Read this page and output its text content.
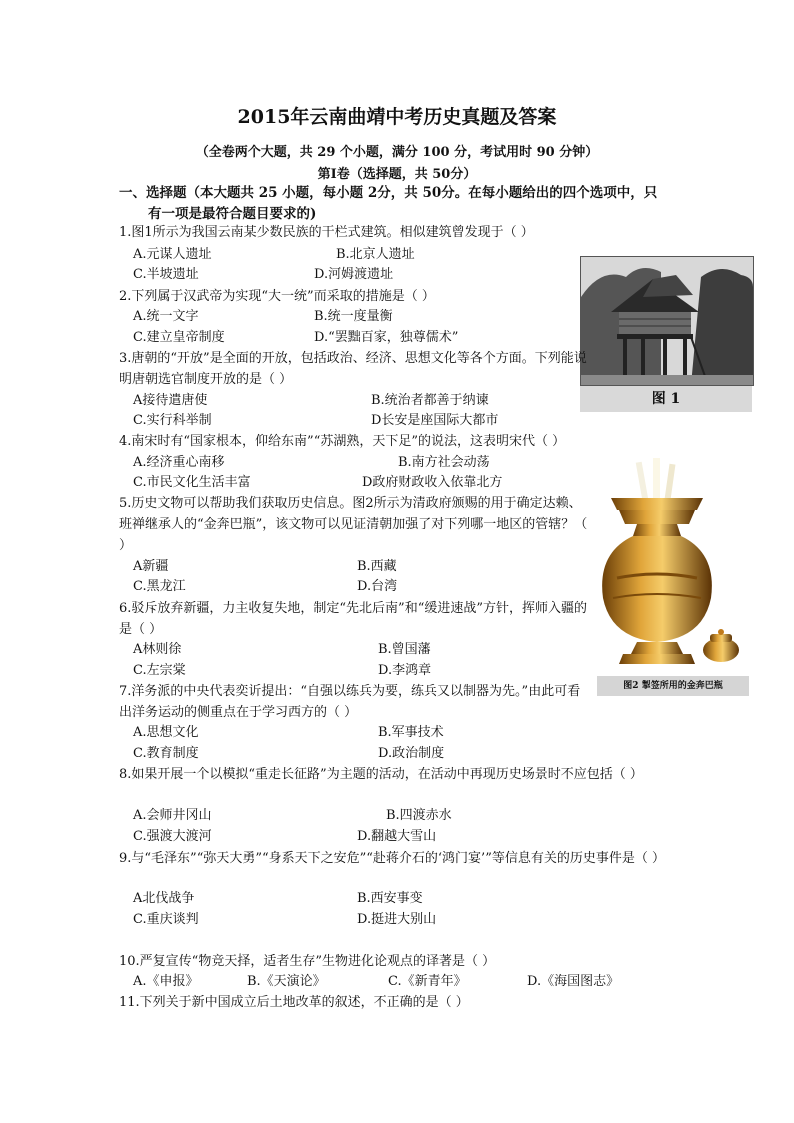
2015年云南曲靖中考历史真题及答案
（全卷两个大题，共 29 个小题，满分 100 分，考试用时 90 分钟）
第Ⅰ卷（选择题，共 50分）
一、选择题（本大题共 25 小题，每小题 2分，共 50分。在每小题给出的四个选项中，只
有一项是最符合题目要求的)
图 1
图2 掣签所用的金奔巴瓶
1.图1所示为我国云南某少数民族的干栏式建筑。相似建筑曾发现于（ ）
A.元谋人遗址	B.北京人遗址
C.半坡遗址	D.河姆渡遗址
2.下列属于汉武帝为实现“大一统”而采取的措施是（ ）
A.统一文字	B.统一度量衡
C.建立皇帝制度	D.“罢黜百家，独尊儒术”
3.唐朝的“开放”是全面的开放，包括政治、经济、思想文化等各个方面。下列能说明唐朝选官制度开放的是（ ）
A接待遣唐使	B.统治者都善于纳谏
C.实行科举制	D长安是座国际大都市
4.南宋时有“国家根本，仰给东南”“苏湖熟，天下足”的说法，这表明宋代（ ）
A.经济重心南移	B.南方社会动荡
C.市民文化生活丰富	D政府财政收入依靠北方
5.历史文物可以帮助我们获取历史信息。图2所示为清政府颁赐的用于确定达赖、班禅继承人的“金奔巴瓶”，该文物可以见证清朝加强了对下列哪一地区的管辖？（ ）
A新疆	B.西藏
C.黑龙江	D.台湾
6.驳斥放弃新疆，力主收复失地，制定“先北后南”和“缓进速战”方针，挥师入疆的是（ ）
A林则徐	B.曾国藩
C.左宗棠	D.李鸿章
7.洋务派的中央代表奕䜣提出：“自强以练兵为要，练兵又以制器为先。”由此可看出洋务运动的侧重点在于学习西方的（ ）
A.思想文化	B.军事技术
C.教育制度	D.政治制度
8.如果开展一个以模拟“重走长征路”为主题的活动，在活动中再现历史场景时不应包括（ ）
A.会师井冈山	B.四渡赤水
C.强渡大渡河	D.翻越大雪山
9.与“毛泽东”“弥天大勇”“身系天下之安危”“赴蒋介石的‘鸿门宴’”等信息有关的历史事件是（ ）
A北伐战争	B.西安事变
C.重庆谈判	D.挺进大别山
10.严复宣传“物竞天择，适者生存”生物进化论观点的译著是（ ）
A.《申报》	B.《天演论》	C.《新青年》	D.《海国图志》
11.下列关于新中国成立后土地改革的叙述，不正确的是（ ）
